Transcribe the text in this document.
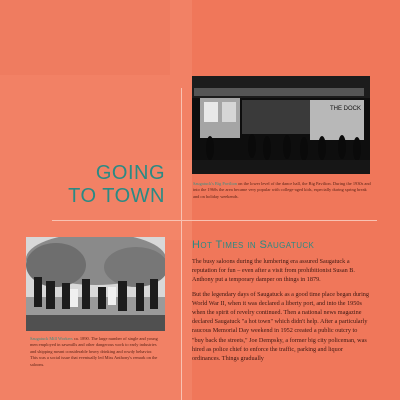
GOING
TO TOWN
THE DOCK
Saugatuck's Big Pavilion on the lower level of the dance hall, the Big Pavilion. During the 1930s and into the 1960s the area became very popular with college-aged kids, especially during spring break and on holiday weekends.
Saugatuck Mill Workers ca. 1890. The large number of single and young men employed in sawmills and other dangerous work to early industries and shipping meant considerable heavy drinking and rowdy behavior. This was a social issue that eventually led Miss Anthony's remark on the saloons.
Hot Times in Saugatuck

The busy saloons during the lumbering era assured Saugatuck a reputation for fun – even after a visit from prohibitionist Susan B. Anthony put a temporary damper on things in 1879.

But the legendary days of Saugatuck as a good time place began during World War II, when it was declared a liberty port, and into the 1950s when the spirit of revelry continued. Then a national news magazine declared Saugatuck "a hot town" which didn't help. After a particularly raucous Memorial Day weekend in 1952 created a public outcry to "buy back the streets," Joe Dempsky, a former big city policeman, was hired as police chief to enforce the traffic, parking and liquor ordinances. Things gradually
